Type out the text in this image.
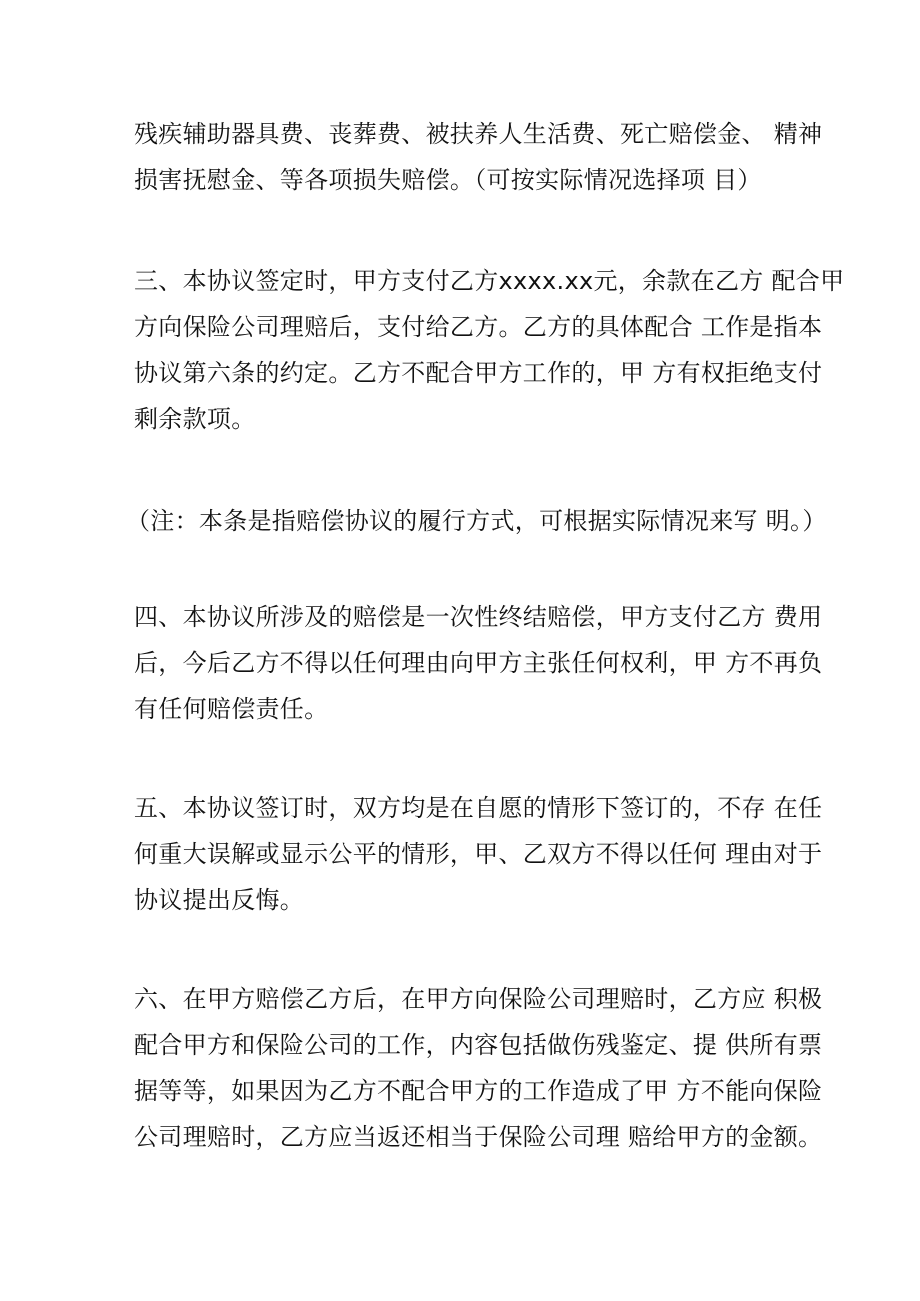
残疾辅助器具费、丧葬费、被扶养人生活费、死亡赔偿金、 精神
损害抚慰金、等各项损失赔偿。（可按实际情况选择项 目）
三、本协议签定时，甲方支付乙方xxxx.xx元，余款在乙方 配合甲
方向保险公司理赔后，支付给乙方。乙方的具体配合 工作是指本
协议第六条的约定。乙方不配合甲方工作的，甲 方有权拒绝支付
剩余款项。
（注：本条是指赔偿协议的履行方式，可根据实际情况来写 明。）
四、本协议所涉及的赔偿是一次性终结赔偿，甲方支付乙方 费用
后，今后乙方不得以任何理由向甲方主张任何权利，甲 方不再负
有任何赔偿责任。
五、本协议签订时，双方均是在自愿的情形下签订的，不存 在任
何重大误解或显示公平的情形，甲、乙双方不得以任何 理由对于
协议提出反悔。
六、在甲方赔偿乙方后，在甲方向保险公司理赔时，乙方应 积极
配合甲方和保险公司的工作，内容包括做伤残鉴定、提 供所有票
据等等，如果因为乙方不配合甲方的工作造成了甲 方不能向保险
公司理赔时，乙方应当返还相当于保险公司理 赔给甲方的金额。
